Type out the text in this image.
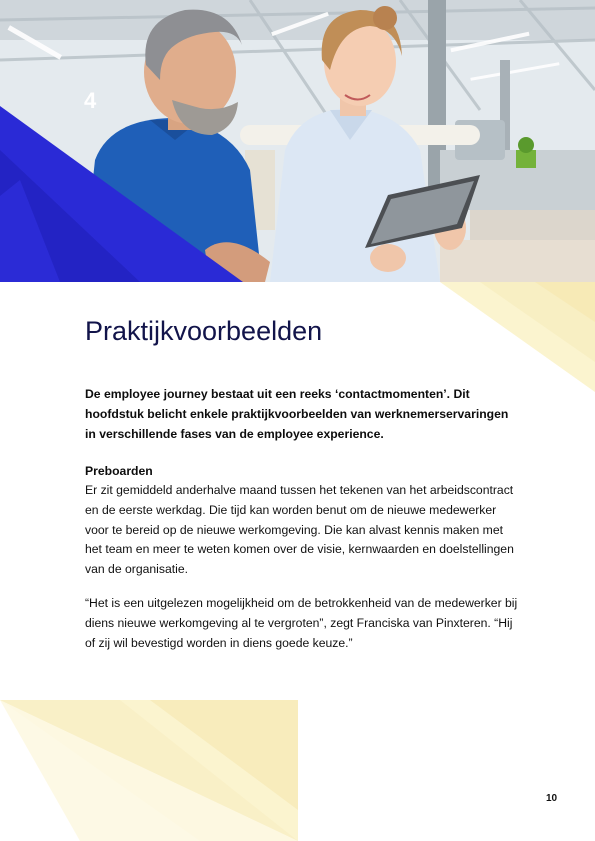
4
Praktijkvoorbeelden

De employee journey bestaat uit een reeks ‘contactmomenten’. Dit hoofdstuk belicht enkele praktijkvoorbeelden van werknemerservaringen in verschillende fases van de employee experience.

Preboarden

Er zit gemiddeld anderhalve maand tussen het tekenen van het arbeidscontract en de eerste werkdag. Die tijd kan worden benut om de nieuwe medewerker voor te bereid op de nieuwe werkomgeving. Die kan alvast kennis maken met het team en meer te weten komen over de visie, kernwaarden en doelstellingen van de organisatie.

“Het is een uitgelezen mogelijkheid om de betrokkenheid van de medewerker bij diens nieuwe werkomgeving al te vergroten”, zegt Franciska van Pinxteren. “Hij of zij wil bevestigd worden in diens goede keuze.”

10
